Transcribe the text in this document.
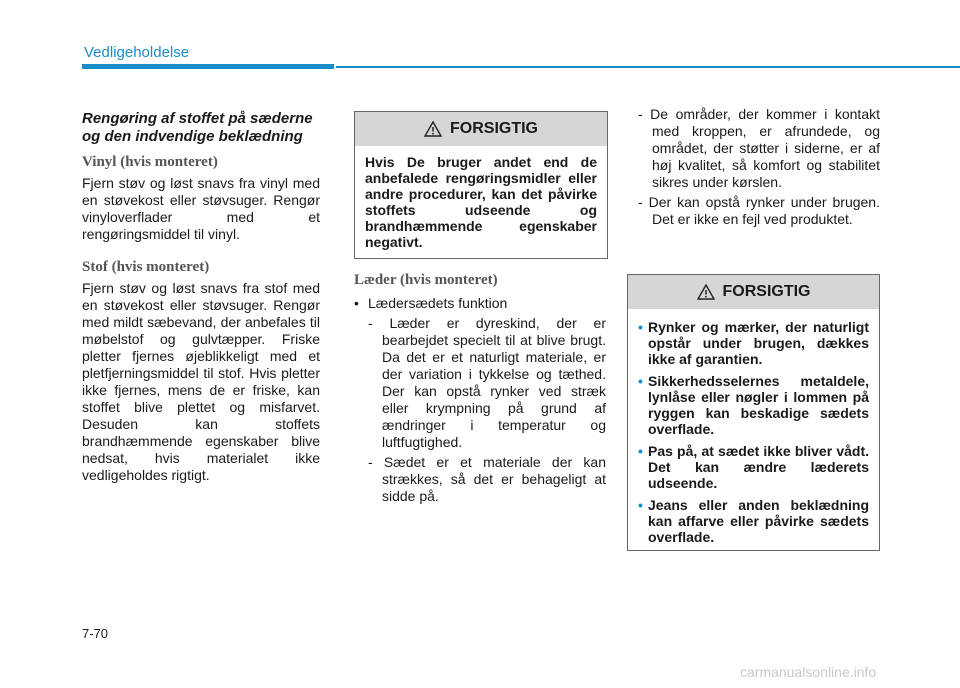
Vedligeholdelse

Rengøring af stoffet på sæderne og den indvendige beklædning

Vinyl (hvis monteret)

Fjern støv og løst snavs fra vinyl med en støvekost eller støvsuger. Rengør vinyloverflader med et rengøringsmiddel til vinyl.

Stof (hvis monteret)

Fjern støv og løst snavs fra stof med en støvekost eller støvsuger. Rengør med mildt sæbevand, der anbefales til møbelstof og gulvtæpper. Friske pletter fjernes øjeblikkeligt med et pletfjerningsmiddel til stof. Hvis pletter ikke fjernes, mens de er friske, kan stoffet blive plettet og misfarvet. Desuden kan stoffets brandhæmmende egenskaber blive nedsat, hvis materialet ikke vedligeholdes rigtigt.

FORSIGTIG
Hvis De bruger andet end de anbefalede rengøringsmidler eller andre procedurer, kan det påvirke stoffets udseende og brandhæmmende egenskaber negativt.

Læder (hvis monteret)

• Lædersædets funktion

- Læder er dyreskind, der er bearbejdet specielt til at blive brugt. Da det er et naturligt materiale, er der variation i tykkelse og tæthed. Der kan opstå rynker ved stræk eller krympning på grund af ændringer i temperatur og luftfugtighed.

- Sædet er et materiale der kan strækkes, så det er behageligt at sidde på.

- De områder, der kommer i kontakt med kroppen, er afrundede, og området, der støtter i siderne, er af høj kvalitet, så komfort og stabilitet sikres under kørslen.

- Der kan opstå rynker under brugen. Det er ikke en fejl ved produktet.

FORSIGTIG
• Rynker og mærker, der naturligt opstår under brugen, dækkes ikke af garantien.
• Sikkerhedsselernes metaldele, lynlåse eller nøgler i lommen på ryggen kan beskadige sædets overflade.
• Pas på, at sædet ikke bliver vådt. Det kan ændre læderets udseende.
• Jeans eller anden beklædning kan affarve eller påvirke sædets overflade.
7-70
carmanualsonline.info
